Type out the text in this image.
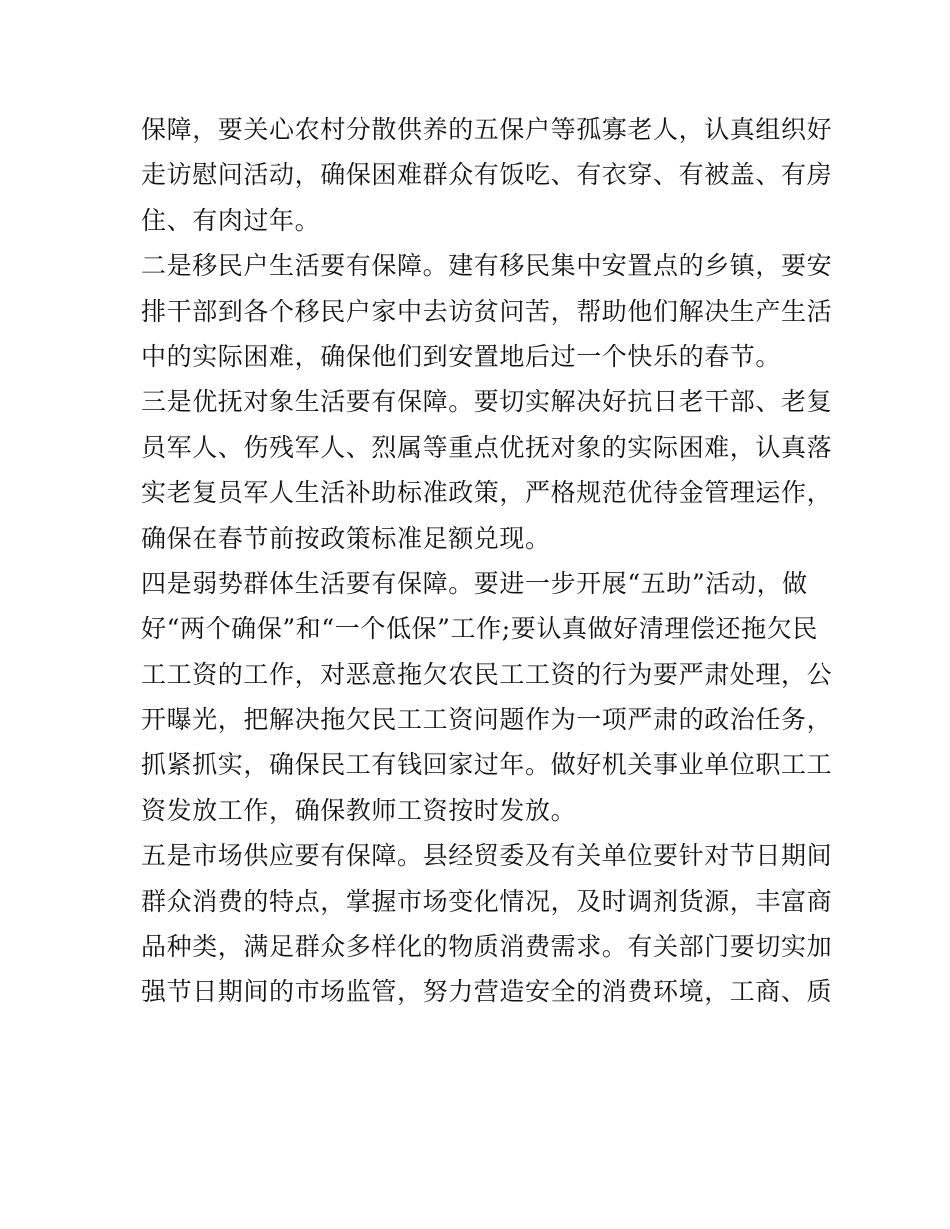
保障，要关心农村分散供养的五保户等孤寡老人，认真组织好
走访慰问活动，确保困难群众有饭吃、有衣穿、有被盖、有房
住、有肉过年。
二是移民户生活要有保障。建有移民集中安置点的乡镇，要安
排干部到各个移民户家中去访贫问苦，帮助他们解决生产生活
中的实际困难，确保他们到安置地后过一个快乐的春节。
三是优抚对象生活要有保障。要切实解决好抗日老干部、老复
员军人、伤残军人、烈属等重点优抚对象的实际困难，认真落
实老复员军人生活补助标准政策，严格规范优待金管理运作，
确保在春节前按政策标准足额兑现。
四是弱势群体生活要有保障。要进一步开展“五助”活动，做
好“两个确保”和“一个低保”工作;要认真做好清理偿还拖欠民
工工资的工作，对恶意拖欠农民工工资的行为要严肃处理，公
开曝光，把解决拖欠民工工资问题作为一项严肃的政治任务，
抓紧抓实，确保民工有钱回家过年。做好机关事业单位职工工
资发放工作，确保教师工资按时发放。
五是市场供应要有保障。县经贸委及有关单位要针对节日期间
群众消费的特点，掌握市场变化情况，及时调剂货源，丰富商
品种类，满足群众多样化的物质消费需求。有关部门要切实加
强节日期间的市场监管，努力营造安全的消费环境，工商、质
